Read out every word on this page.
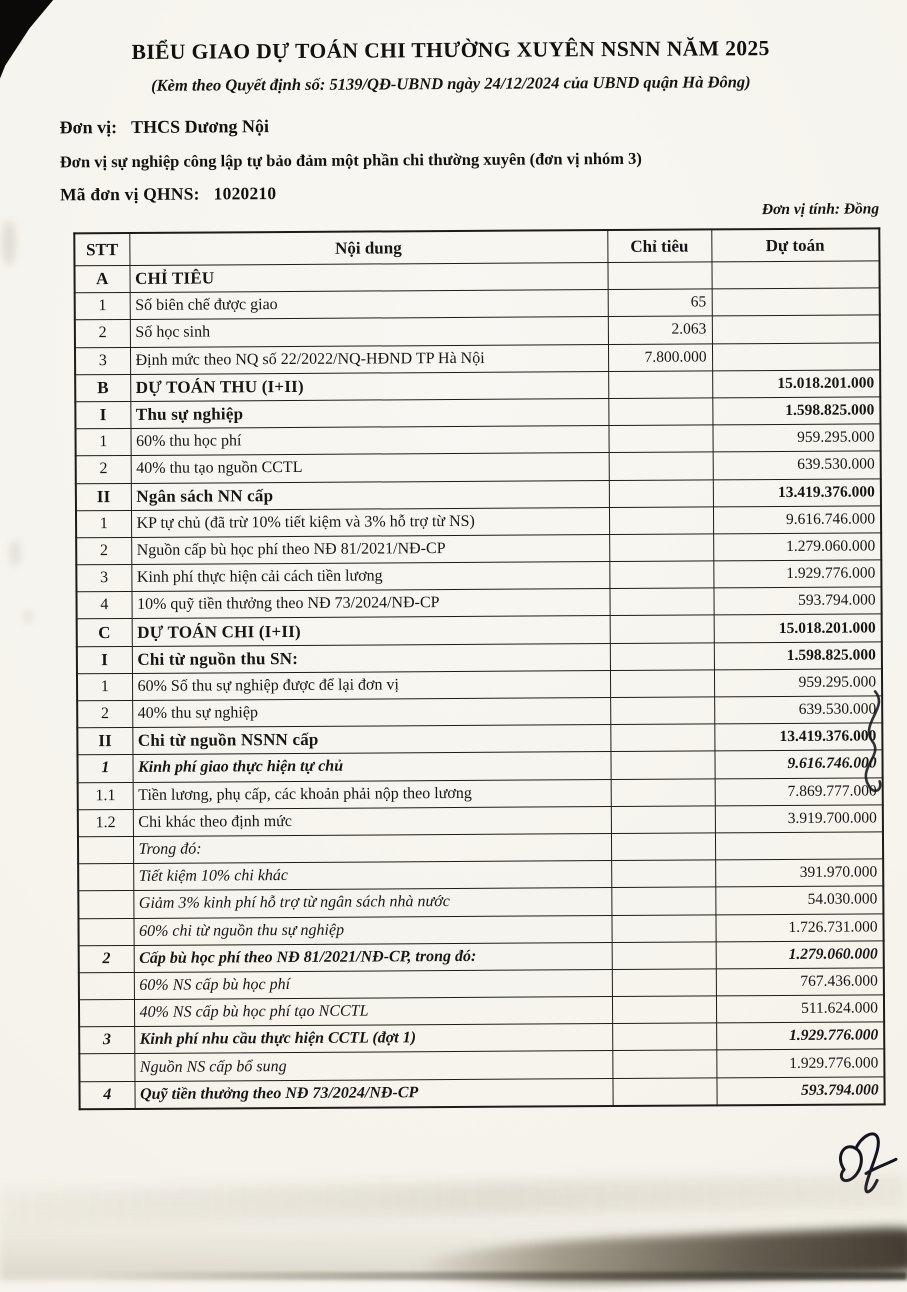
BIỂU GIAO DỰ TOÁN CHI THƯỜNG XUYÊN NSNN NĂM 2025
(Kèm theo Quyết định số: 5139/QĐ-UBND ngày 24/12/2024 của UBND quận Hà Đông)
Đơn vị: THCS Dương Nội
Đơn vị sự nghiệp công lập tự bảo đảm một phần chi thường xuyên (đơn vị nhóm 3)
Mã đơn vị QHNS: 1020210
Đơn vị tính: Đồng
STT	Nội dung	Chỉ tiêu	Dự toán
A	CHỈ TIÊU		
1	Số biên chế được giao	65	
2	Số học sinh	2.063	
3	Định mức theo NQ số 22/2022/NQ-HĐND TP Hà Nội	7.800.000	
B	DỰ TOÁN THU (I+II)		15.018.201.000
I	Thu sự nghiệp		1.598.825.000
1	60% thu học phí		959.295.000
2	40% thu tạo nguồn CCTL		639.530.000
II	Ngân sách NN cấp		13.419.376.000
1	KP tự chủ (đã trừ 10% tiết kiệm và 3% hỗ trợ từ NS)		9.616.746.000
2	Nguồn cấp bù học phí theo NĐ 81/2021/NĐ-CP		1.279.060.000
3	Kinh phí thực hiện cải cách tiền lương		1.929.776.000
4	10% quỹ tiền thưởng theo NĐ 73/2024/NĐ-CP		593.794.000
C	DỰ TOÁN CHI (I+II)		15.018.201.000
I	Chi từ nguồn thu SN:		1.598.825.000
1	60% Số thu sự nghiệp được để lại đơn vị		959.295.000
2	40% thu sự nghiệp		639.530.000
II	Chi từ nguồn NSNN cấp		13.419.376.000
1	Kinh phí giao thực hiện tự chủ		9.616.746.000
1.1	Tiền lương, phụ cấp, các khoản phải nộp theo lương		7.869.777.000
1.2	Chi khác theo định mức		3.919.700.000
	Trong đó:		
	Tiết kiệm 10% chi khác		391.970.000
	Giảm 3% kinh phí hỗ trợ từ ngân sách nhà nước		54.030.000
	60% chi từ nguồn thu sự nghiệp		1.726.731.000
2	Cấp bù học phí theo NĐ 81/2021/NĐ-CP, trong đó:		1.279.060.000
	60% NS cấp bù học phí		767.436.000
	40% NS cấp bù học phí tạo NCCTL		511.624.000
3	Kinh phí nhu cầu thực hiện CCTL (đợt 1)		1.929.776.000
	Nguồn NS cấp bổ sung		1.929.776.000
4	Quỹ tiền thưởng theo NĐ 73/2024/NĐ-CP		593.794.000
